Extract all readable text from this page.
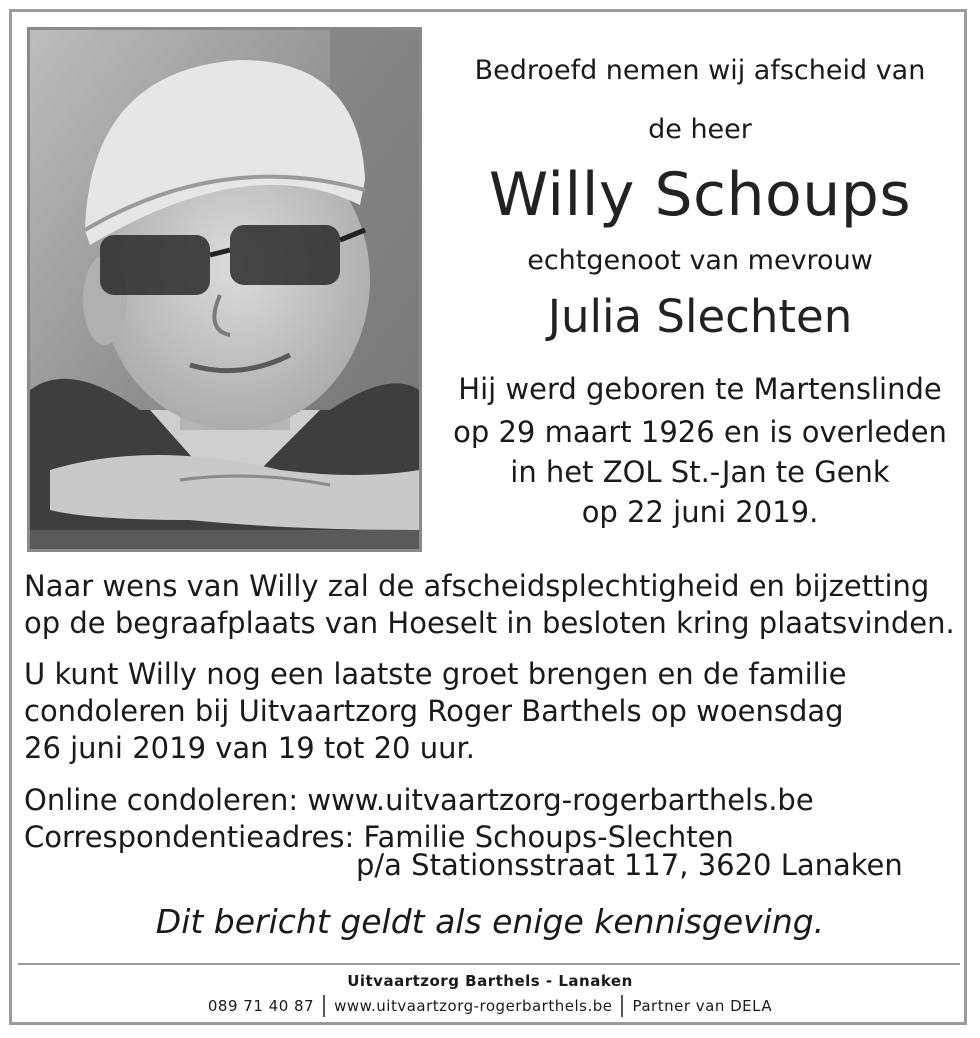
Bedroefd nemen wij afscheid van
de heer
Willy Schoups
echtgenoot van mevrouw
Julia Slechten
Hij werd geboren te Martenslinde
op 29 maart 1926 en is overleden
in het ZOL St.-Jan te Genk
op 22 juni 2019.
Naar wens van Willy zal de afscheidsplechtigheid en bijzetting
op de begraafplaats van Hoeselt in besloten kring plaatsvinden.
U kunt Willy nog een laatste groet brengen en de familie
condoleren bij Uitvaartzorg Roger Barthels op woensdag
26 juni 2019 van 19 tot 20 uur.
Online condoleren: www.uitvaartzorg-rogerbarthels.be
Correspondentieadres: Familie Schoups-Slechten
p/a Stationsstraat 117, 3620 Lanaken
Dit bericht geldt als enige kennisgeving.
Uitvaartzorg Barthels - Lanaken
089 71 40 87 www.uitvaartzorg-rogerbarthels.be Partner van DELA
